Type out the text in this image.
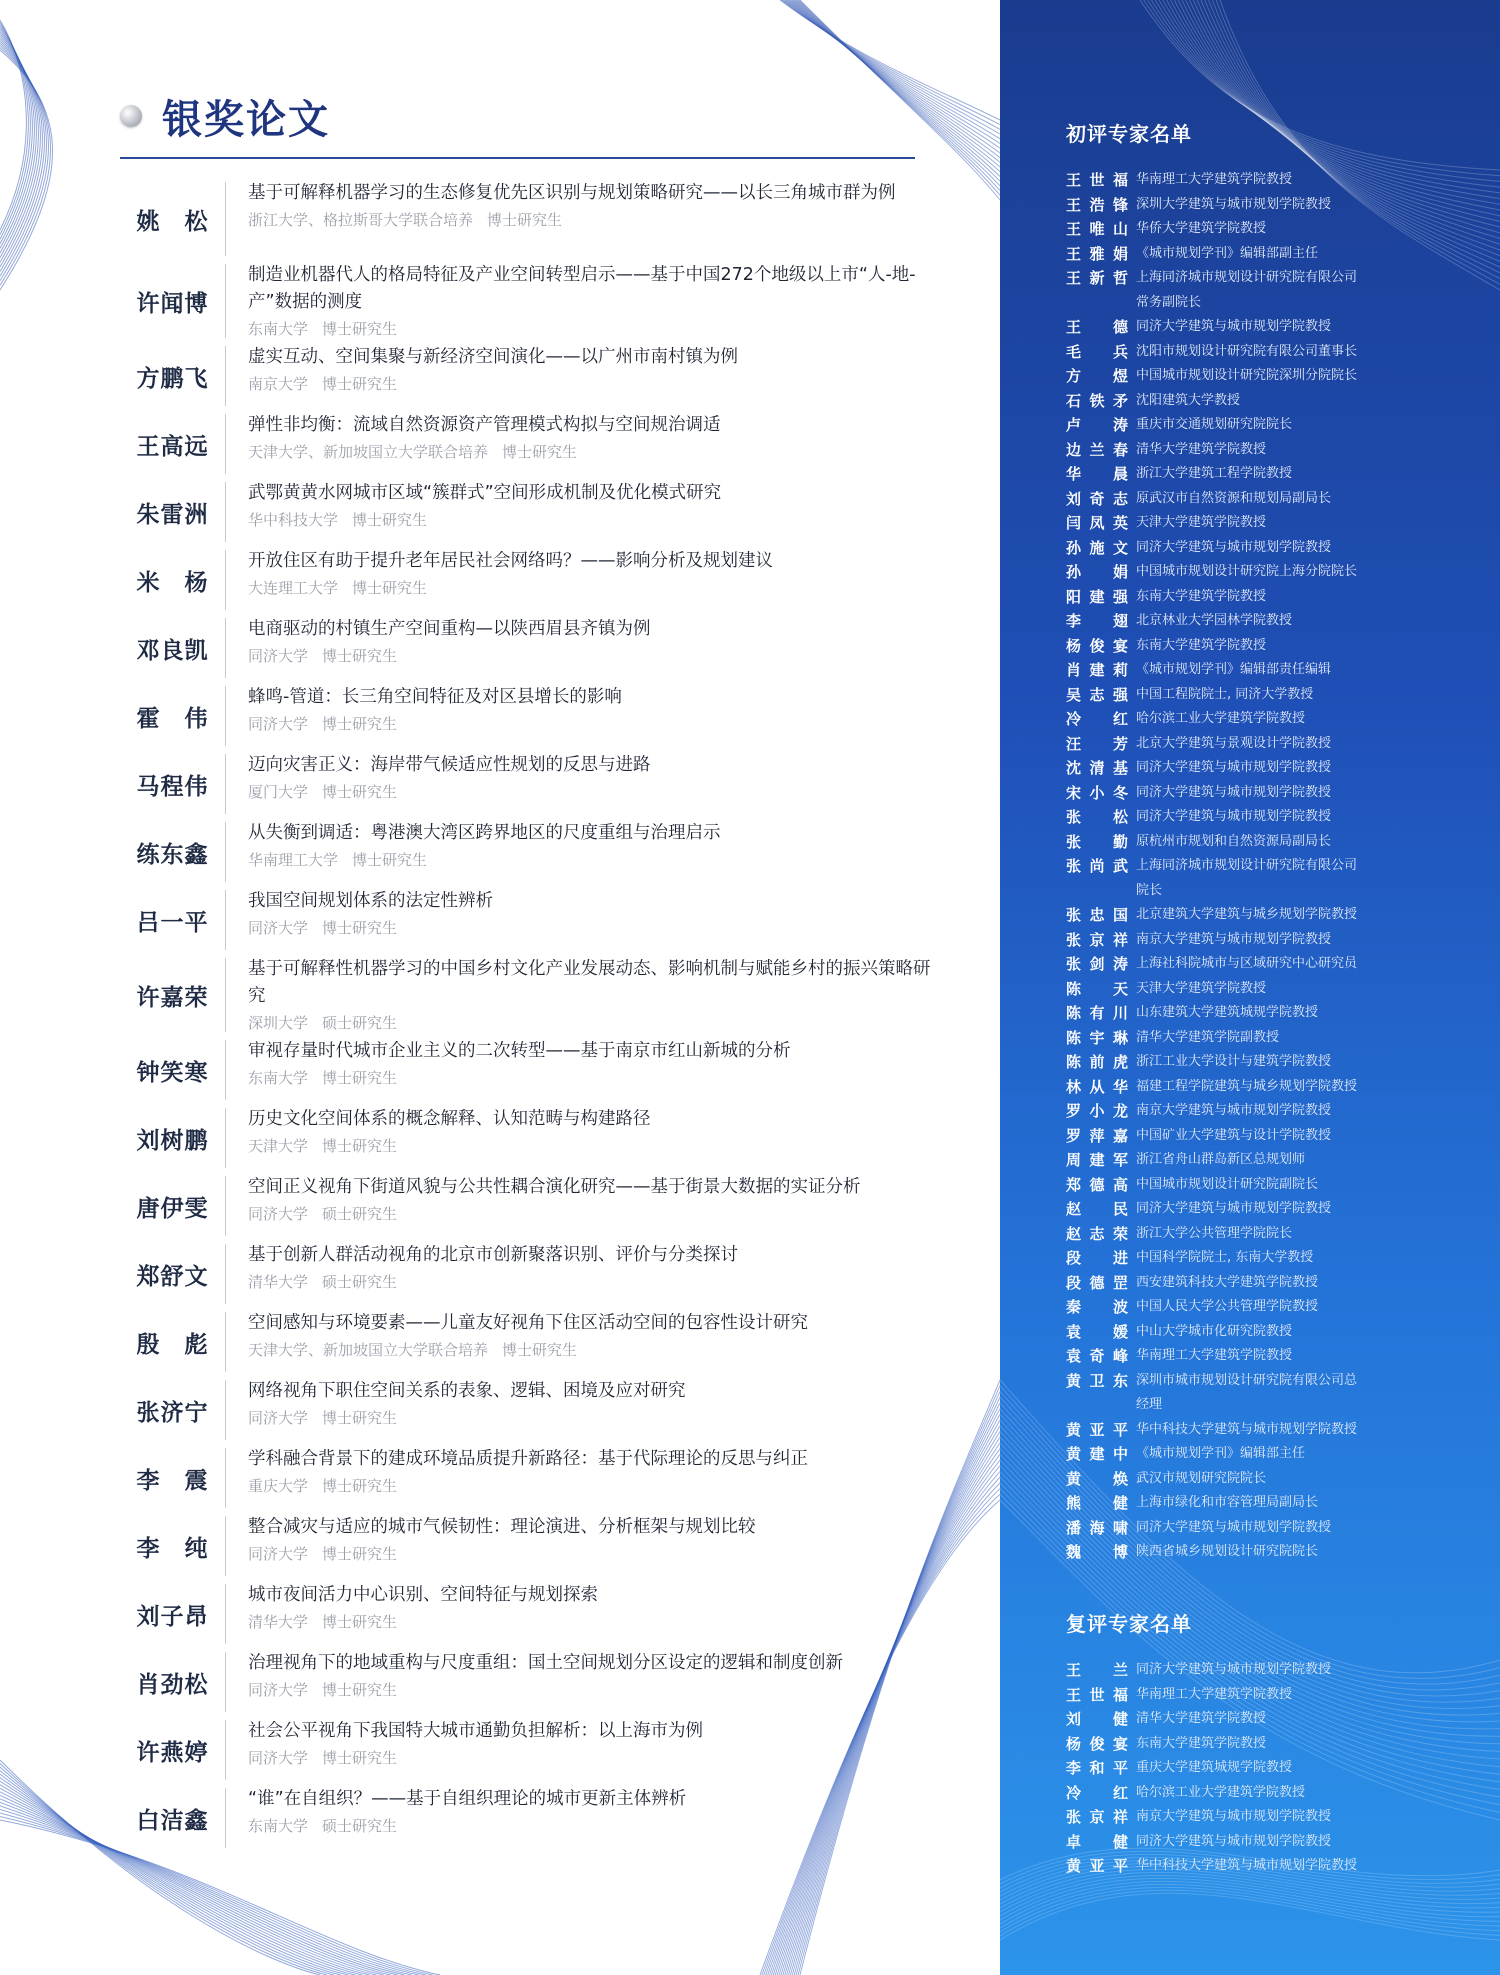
银奖论文
姚　松
基于可解释机器学习的生态修复优先区识别与规划策略研究——以长三角城市群为例
浙江大学、格拉斯哥大学联合培养 博士研究生
许闻博
制造业机器代人的格局特征及产业空间转型启示——基于中国272个地级以上市“人-地-产”数据的测度
东南大学 博士研究生
方鹏飞
虚实互动、空间集聚与新经济空间演化——以广州市南村镇为例
南京大学 博士研究生
王高远
弹性非均衡：流域自然资源资产管理模式构拟与空间规治调适
天津大学、新加坡国立大学联合培养 博士研究生
朱雷洲
武鄂黄黄水网城市区域“簇群式”空间形成机制及优化模式研究
华中科技大学 博士研究生
米　杨
开放住区有助于提升老年居民社会网络吗？——影响分析及规划建议
大连理工大学 博士研究生
邓良凯
电商驱动的村镇生产空间重构—以陕西眉县齐镇为例
同济大学 博士研究生
霍　伟
蜂鸣-管道：长三角空间特征及对区县增长的影响
同济大学 博士研究生
马程伟
迈向灾害正义：海岸带气候适应性规划的反思与进路
厦门大学 博士研究生
练东鑫
从失衡到调适：粤港澳大湾区跨界地区的尺度重组与治理启示
华南理工大学 博士研究生
吕一平
我国空间规划体系的法定性辨析
同济大学 博士研究生
许嘉荣
基于可解释性机器学习的中国乡村文化产业发展动态、影响机制与赋能乡村的振兴策略研究
深圳大学 硕士研究生
钟笑寒
审视存量时代城市企业主义的二次转型——基于南京市红山新城的分析
东南大学 博士研究生
刘树鹏
历史文化空间体系的概念解释、认知范畴与构建路径
天津大学 博士研究生
唐伊雯
空间正义视角下街道风貌与公共性耦合演化研究——基于街景大数据的实证分析
同济大学 硕士研究生
郑舒文
基于创新人群活动视角的北京市创新聚落识别、评价与分类探讨
清华大学 硕士研究生
殷　彪
空间感知与环境要素——儿童友好视角下住区活动空间的包容性设计研究
天津大学、新加坡国立大学联合培养 博士研究生
张济宁
网络视角下职住空间关系的表象、逻辑、困境及应对研究
同济大学 博士研究生
李　震
学科融合背景下的建成环境品质提升新路径：基于代际理论的反思与纠正
重庆大学 博士研究生
李　纯
整合减灾与适应的城市气候韧性：理论演进、分析框架与规划比较
同济大学 博士研究生
刘子昂
城市夜间活力中心识别、空间特征与规划探索
清华大学 博士研究生
肖劲松
治理视角下的地域重构与尺度重组：国土空间规划分区设定的逻辑和制度创新
同济大学 博士研究生
许燕婷
社会公平视角下我国特大城市通勤负担解析：以上海市为例
同济大学 博士研究生
白洁鑫
“谁”在自组织？——基于自组织理论的城市更新主体辨析
东南大学 硕士研究生
初评专家名单
王世福 华南理工大学建筑学院教授
王浩锋 深圳大学建筑与城市规划学院教授
王唯山 华侨大学建筑学院教授
王雅娟 《城市规划学刊》编辑部副主任
王新哲 上海同济城市规划设计研究院有限公司
常务副院长
王德 同济大学建筑与城市规划学院教授
毛兵 沈阳市规划设计研究院有限公司董事长
方煜 中国城市规划设计研究院深圳分院院长
石铁矛 沈阳建筑大学教授
卢涛 重庆市交通规划研究院院长
边兰春 清华大学建筑学院教授
华晨 浙江大学建筑工程学院教授
刘奇志 原武汉市自然资源和规划局副局长
闫凤英 天津大学建筑学院教授
孙施文 同济大学建筑与城市规划学院教授
孙娟 中国城市规划设计研究院上海分院院长
阳建强 东南大学建筑学院教授
李翅 北京林业大学园林学院教授
杨俊宴 东南大学建筑学院教授
肖建莉 《城市规划学刊》编辑部责任编辑
吴志强 中国工程院院士, 同济大学教授
冷红 哈尔滨工业大学建筑学院教授
汪芳 北京大学建筑与景观设计学院教授
沈清基 同济大学建筑与城市规划学院教授
宋小冬 同济大学建筑与城市规划学院教授
张松 同济大学建筑与城市规划学院教授
张勤 原杭州市规划和自然资源局副局长
张尚武 上海同济城市规划设计研究院有限公司
院长
张忠国 北京建筑大学建筑与城乡规划学院教授
张京祥 南京大学建筑与城市规划学院教授
张剑涛 上海社科院城市与区域研究中心研究员
陈天 天津大学建筑学院教授
陈有川 山东建筑大学建筑城规学院教授
陈宇琳 清华大学建筑学院副教授
陈前虎 浙江工业大学设计与建筑学院教授
林从华 福建工程学院建筑与城乡规划学院教授
罗小龙 南京大学建筑与城市规划学院教授
罗萍嘉 中国矿业大学建筑与设计学院教授
周建军 浙江省舟山群岛新区总规划师
郑德高 中国城市规划设计研究院副院长
赵民 同济大学建筑与城市规划学院教授
赵志荣 浙江大学公共管理学院院长
段进 中国科学院院士, 东南大学教授
段德罡 西安建筑科技大学建筑学院教授
秦波 中国人民大学公共管理学院教授
袁媛 中山大学城市化研究院教授
袁奇峰 华南理工大学建筑学院教授
黄卫东 深圳市城市规划设计研究院有限公司总
经理
黄亚平 华中科技大学建筑与城市规划学院教授
黄建中 《城市规划学刊》编辑部主任
黄焕 武汉市规划研究院院长
熊健 上海市绿化和市容管理局副局长
潘海啸 同济大学建筑与城市规划学院教授
魏博 陕西省城乡规划设计研究院院长
复评专家名单
王兰 同济大学建筑与城市规划学院教授
王世福 华南理工大学建筑学院教授
刘健 清华大学建筑学院教授
杨俊宴 东南大学建筑学院教授
李和平 重庆大学建筑城规学院教授
冷红 哈尔滨工业大学建筑学院教授
张京祥 南京大学建筑与城市规划学院教授
卓健 同济大学建筑与城市规划学院教授
黄亚平 华中科技大学建筑与城市规划学院教授
